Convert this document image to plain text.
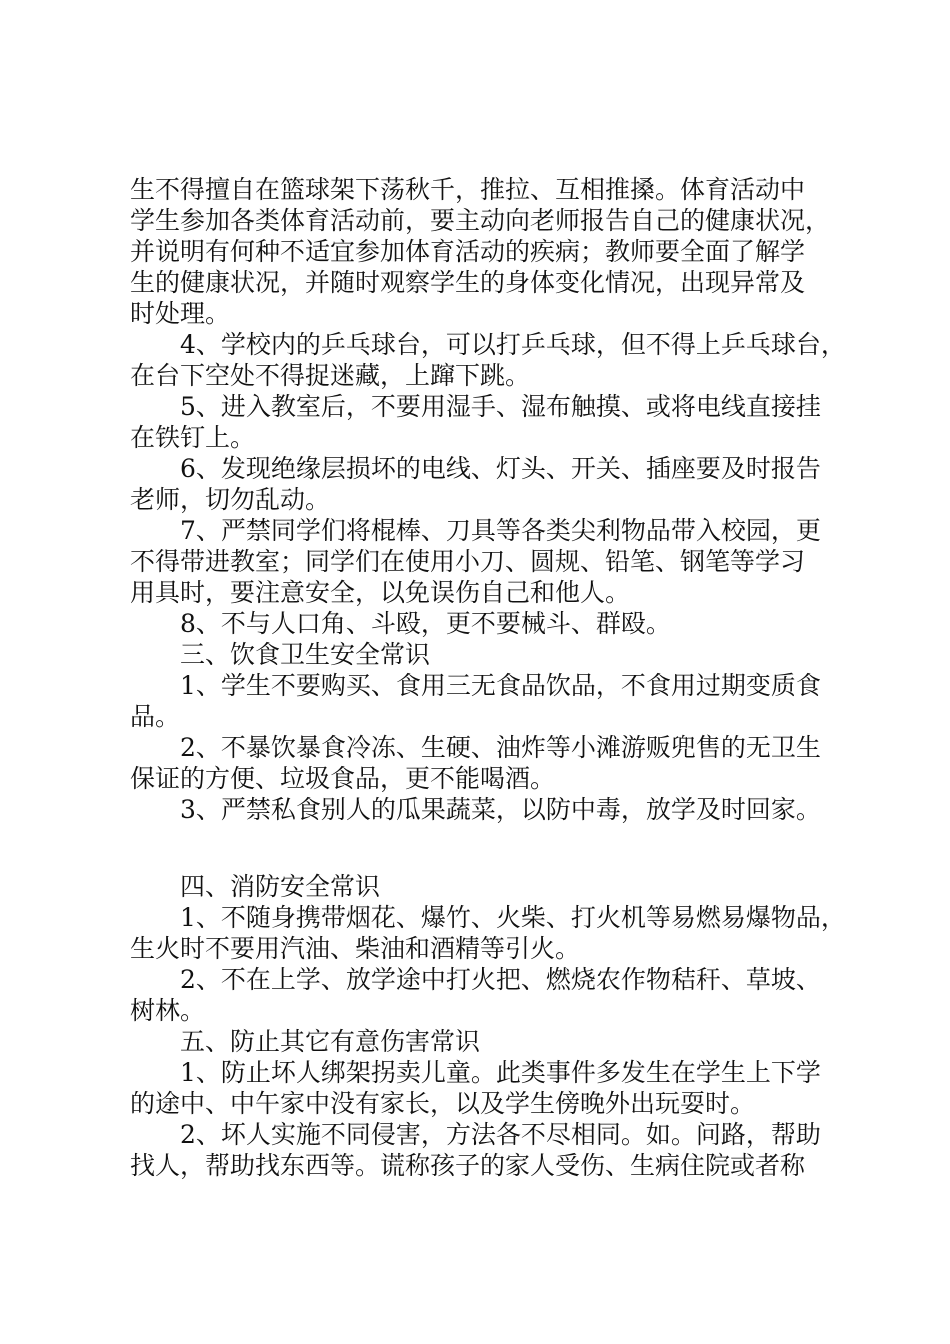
生不得擅自在篮球架下荡秋千，推拉、互相推搡。体育活动中
学生参加各类体育活动前，要主动向老师报告自己的健康状况，
并说明有何种不适宜参加体育活动的疾病；教师要全面了解学
生的健康状况，并随时观察学生的身体变化情况，出现异常及
时处理。
4、学校内的乒乓球台，可以打乒乓球，但不得上乒乓球台，
在台下空处不得捉迷藏，上蹿下跳。
5、进入教室后，不要用湿手、湿布触摸、或将电线直接挂
在铁钉上。
6、发现绝缘层损坏的电线、灯头、开关、插座要及时报告
老师，切勿乱动。
7、严禁同学们将棍棒、刀具等各类尖利物品带入校园，更
不得带进教室；同学们在使用小刀、圆规、铅笔、钢笔等学习
用具时，要注意安全，以免误伤自己和他人。
8、不与人口角、斗殴，更不要械斗、群殴。
三、饮食卫生安全常识
1、学生不要购买、食用三无食品饮品，不食用过期变质食
品。
2、不暴饮暴食冷冻、生硬、油炸等小滩游贩兜售的无卫生
保证的方便、垃圾食品，更不能喝酒。
3、严禁私食别人的瓜果蔬菜，以防中毒，放学及时回家。
四、消防安全常识
1、不随身携带烟花、爆竹、火柴、打火机等易燃易爆物品，
生火时不要用汽油、柴油和酒精等引火。
2、不在上学、放学途中打火把、燃烧农作物秸秆、草坡、
树林。
五、防止其它有意伤害常识
1、防止坏人绑架拐卖儿童。此类事件多发生在学生上下学
的途中、中午家中没有家长，以及学生傍晚外出玩耍时。
2、坏人实施不同侵害，方法各不尽相同。如。问路，帮助
找人，帮助找东西等。谎称孩子的家人受伤、生病住院或者称
